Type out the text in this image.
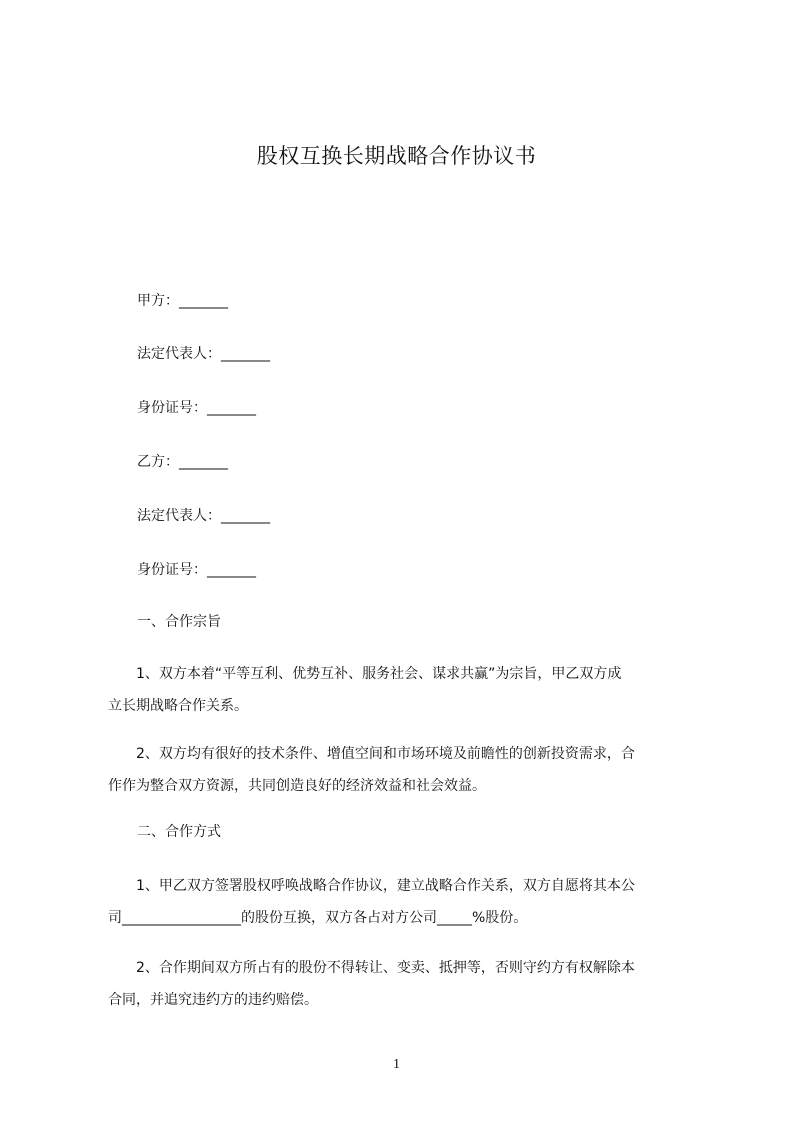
股权互换长期战略合作协议书
甲方：_______
法定代表人：_______
身份证号：_______
乙方：_______
法定代表人：_______
身份证号：_______
一、合作宗旨
1、双方本着“平等互利、优势互补、服务社会、谋求共赢”为宗旨，甲乙双方成
立长期战略合作关系。
2、双方均有很好的技术条件、增值空间和市场环境及前瞻性的创新投资需求，合
作作为整合双方资源，共同创造良好的经济效益和社会效益。
二、合作方式
1、甲乙双方签署股权呼唤战略合作协议，建立战略合作关系，双方自愿将其本公
司_________________的股份互换，双方各占对方公司_____%股份。
2、合作期间双方所占有的股份不得转让、变卖、抵押等，否则守约方有权解除本
合同，并追究违约方的违约赔偿。
1
